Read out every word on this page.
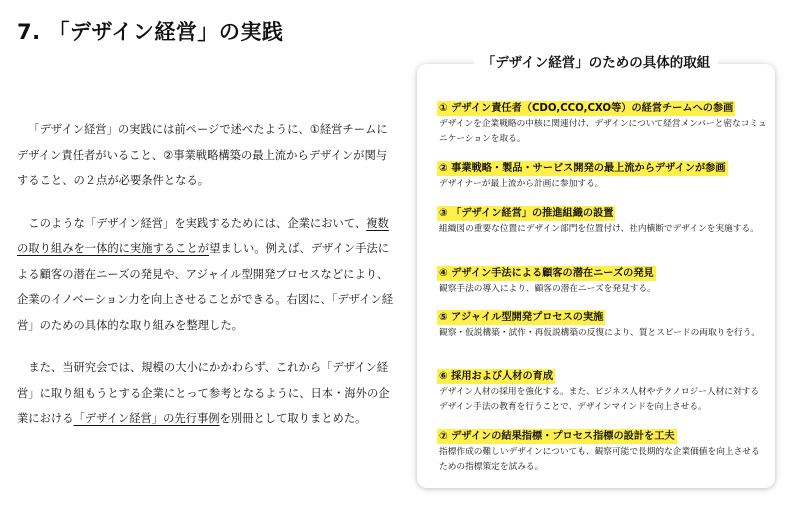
7. 「デザイン経営」の実践

「デザイン経営」の実践には前ページで述べたように、①経営チームにデザイン責任者がいること、②事業戦略構築の最上流からデザインが関与すること、の２点が必要条件となる。

このような「デザイン経営」を実践するためには、企業において、複数の取り組みを一体的に実施することが望ましい。例えば、デザイン手法による顧客の潜在ニーズの発見や、アジャイル型開発プロセスなどにより、企業のイノベーション力を向上させることができる。右図に、「デザイン経営」のための具体的な取り組みを整理した。

また、当研究会では、規模の大小にかかわらず、これから「デザイン経営」に取り組もうとする企業にとって参考となるように、日本・海外の企業における「デザイン経営」の先行事例を別冊として取りまとめた。

「デザイン経営」のための具体的取組
① デザイン責任者（CDO,CCO,CXO等）の経営チームへの参画
デザインを企業戦略の中核に関連付け、デザインについて経営メンバーと密なコミュニケーションを取る。
② 事業戦略・製品・サービス開発の最上流からデザインが参画
デザイナーが最上流から計画に参加する。
③ 「デザイン経営」の推進組織の設置
組織図の重要な位置にデザイン部門を位置付け、社内横断でデザインを実施する。
④ デザイン手法による顧客の潜在ニーズの発見
観察手法の導入により、顧客の潜在ニーズを発見する。
⑤ アジャイル型開発プロセスの実施
観察・仮説構築・試作・再仮説構築の反復により、質とスピードの両取りを行う。
⑥ 採用および人材の育成
デザイン人材の採用を強化する。また、ビジネス人材やテクノロジー人材に対するデザイン手法の教育を行うことで、デザインマインドを向上させる。
⑦ デザインの結果指標・プロセス指標の設計を工夫
指標作成の難しいデザインについても、観察可能で長期的な企業価値を向上させるための指標策定を試みる。
